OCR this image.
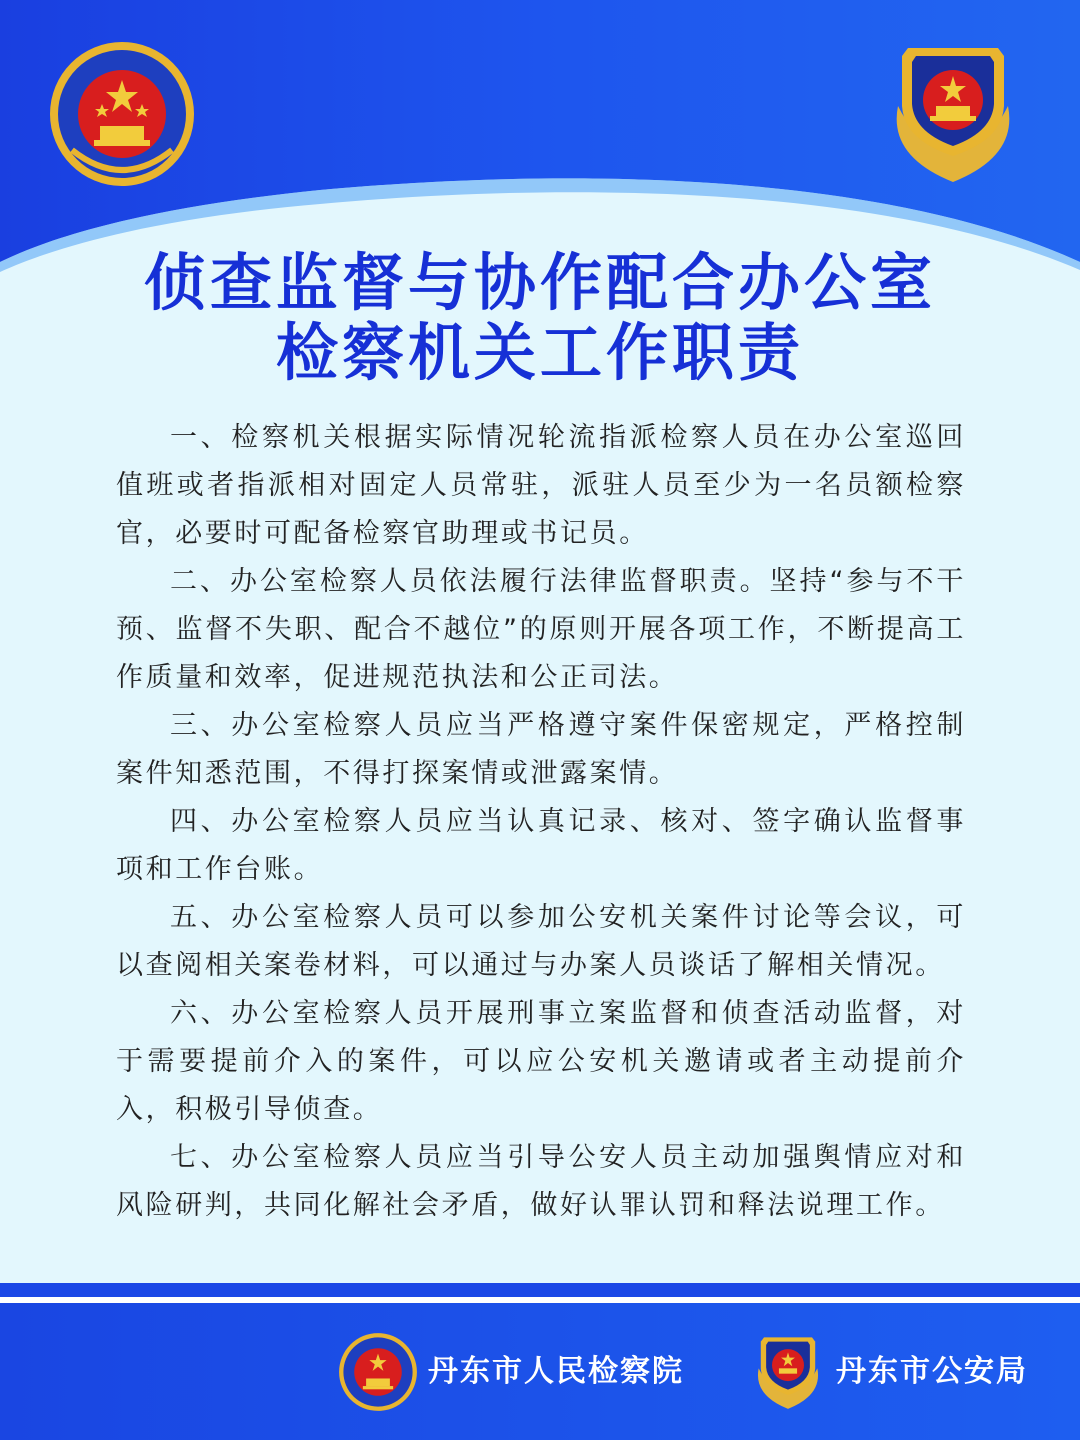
侦查监督与协作配合办公室
检察机关工作职责

一、检察机关根据实际情况轮流指派检察人员在办公室巡回值班或者指派相对固定人员常驻，派驻人员至少为一名员额检察官，必要时可配备检察官助理或书记员。

二、办公室检察人员依法履行法律监督职责。坚持“参与不干预、监督不失职、配合不越位”的原则开展各项工作，不断提高工作质量和效率，促进规范执法和公正司法。

三、办公室检察人员应当严格遵守案件保密规定，严格控制案件知悉范围，不得打探案情或泄露案情。

四、办公室检察人员应当认真记录、核对、签字确认监督事项和工作台账。

五、办公室检察人员可以参加公安机关案件讨论等会议，可以查阅相关案卷材料，可以通过与办案人员谈话了解相关情况。

六、办公室检察人员开展刑事立案监督和侦查活动监督，对于需要提前介入的案件，可以应公安机关邀请或者主动提前介入，积极引导侦查。

七、办公室检察人员应当引导公安人员主动加强舆情应对和风险研判，共同化解社会矛盾，做好认罪认罚和释法说理工作。

丹东市人民检察院	丹东市公安局
